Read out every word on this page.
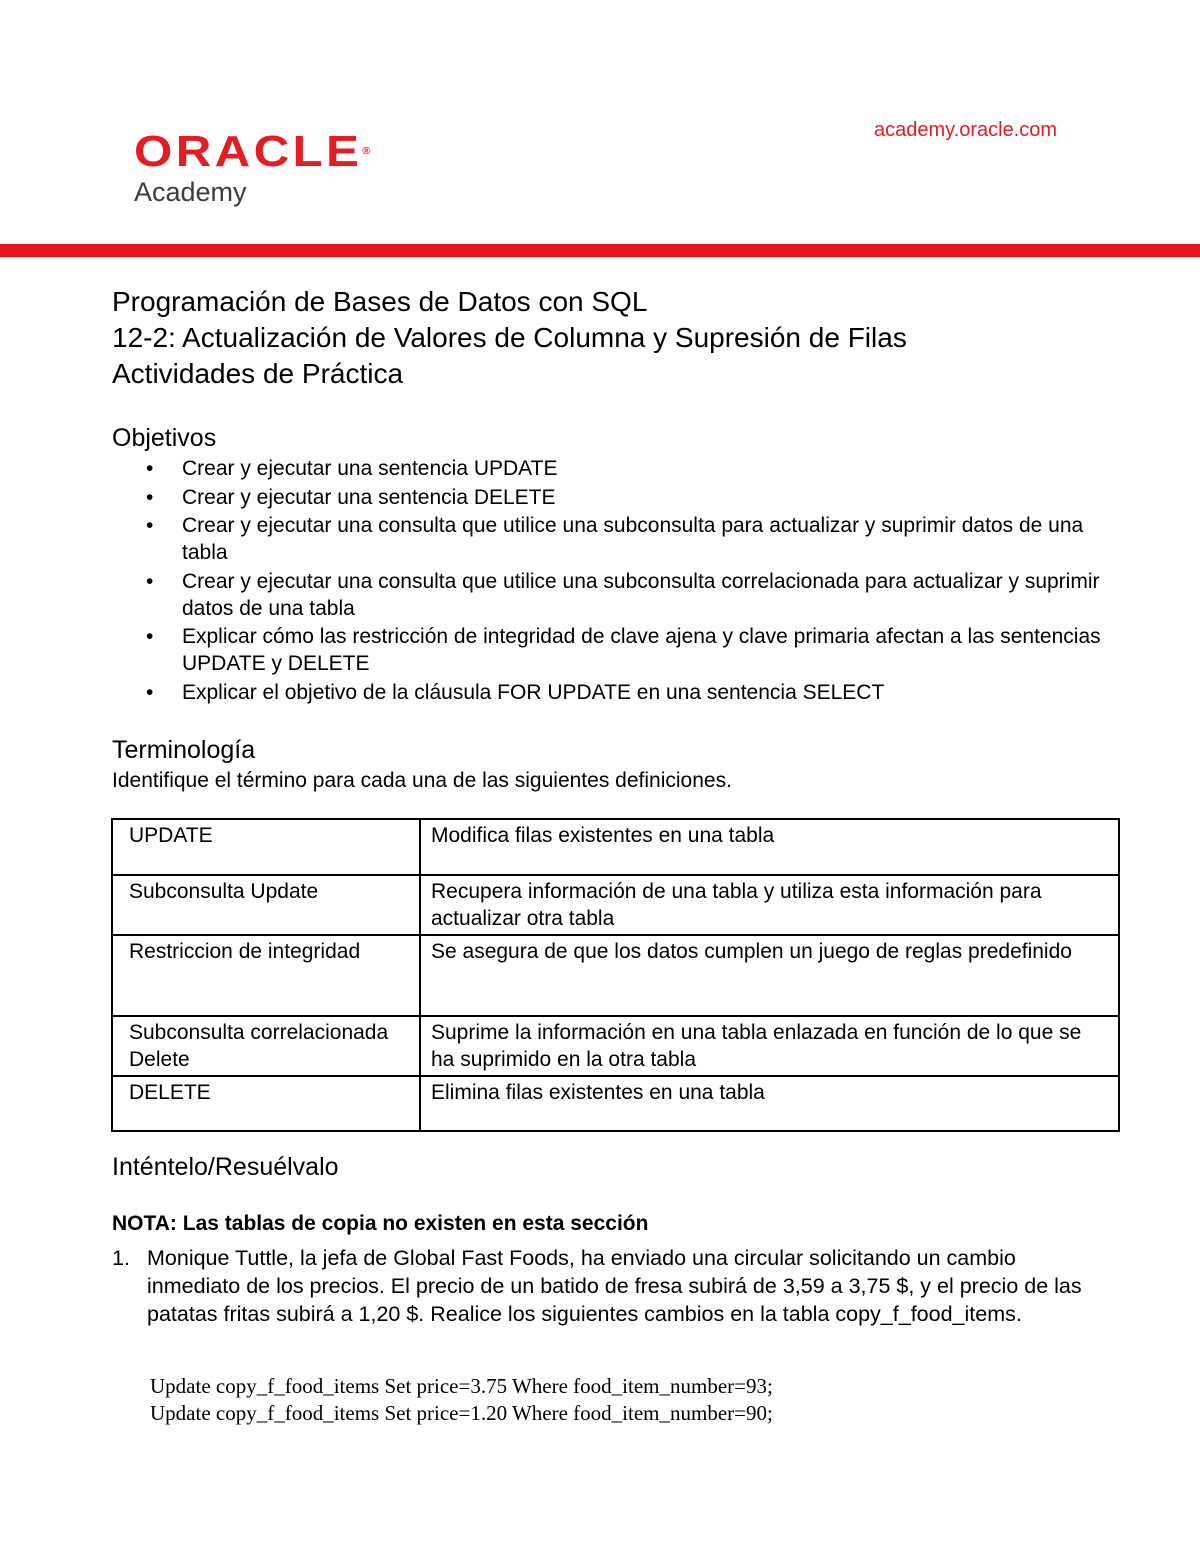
ORACLE®
Academy
academy.oracle.com
Programación de Bases de Datos con SQL
12-2: Actualización de Valores de Columna y Supresión de Filas
Actividades de Práctica
Objetivos
• Crear y ejecutar una sentencia UPDATE
• Crear y ejecutar una sentencia DELETE
• Crear y ejecutar una consulta que utilice una subconsulta para actualizar y suprimir datos de una tabla
• Crear y ejecutar una consulta que utilice una subconsulta correlacionada para actualizar y suprimir datos de una tabla
• Explicar cómo las restricción de integridad de clave ajena y clave primaria afectan a las sentencias UPDATE y DELETE
• Explicar el objetivo de la cláusula FOR UPDATE en una sentencia SELECT
Terminología
Identifique el término para cada una de las siguientes definiciones.
UPDATE	Modifica filas existentes en una tabla
Subconsulta Update	Recupera información de una tabla y utiliza esta información para actualizar otra tabla
Restriccion de integridad	Se asegura de que los datos cumplen un juego de reglas predefinido
Subconsulta correlacionada Delete	Suprime la información en una tabla enlazada en función de lo que se ha suprimido en la otra tabla
DELETE	Elimina filas existentes en una tabla
Inténtelo/Resuélvalo
NOTA: Las tablas de copia no existen en esta sección
1. Monique Tuttle, la jefa de Global Fast Foods, ha enviado una circular solicitando un cambio inmediato de los precios. El precio de un batido de fresa subirá de 3,59 a 3,75 $, y el precio de las patatas fritas subirá a 1,20 $. Realice los siguientes cambios en la tabla copy_f_food_items.
Update copy_f_food_items Set price=3.75 Where food_item_number=93;
Update copy_f_food_items Set price=1.20 Where food_item_number=90;
